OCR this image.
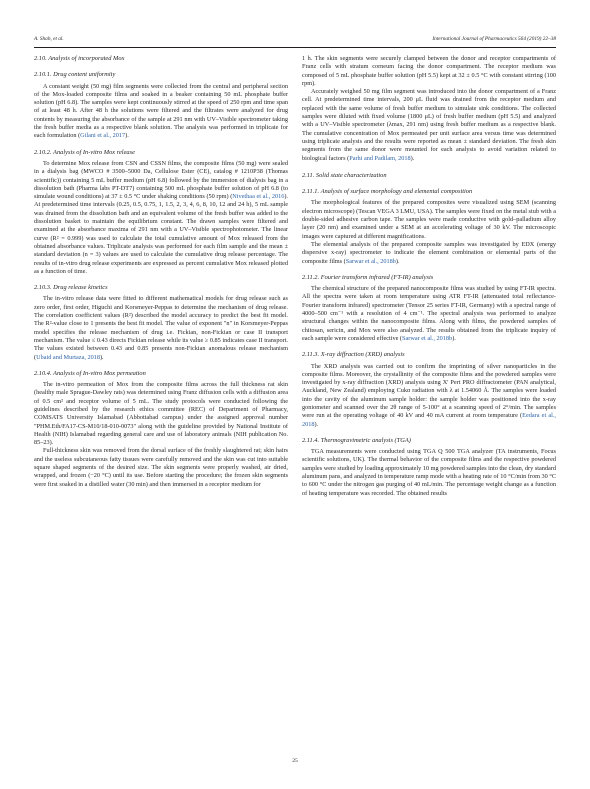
A. Shah, et al.	International Journal of Pharmaceutics 564 (2019) 22–38
2.10. Analysis of incorporated Mox
2.10.1. Drug content uniformity

A constant weight (50 mg) film segments were collected from the central and peripheral section of the Mox-loaded composite films and soaked in a beaker containing 50 mL phosphate buffer solution (pH 6.8). The samples were kept continuously stirred at the speed of 250 rpm and time span of at least 48 h. After 48 h the solutions were filtered and the filtrates were analyzed for drug contents by measuring the absorbance of the sample at 291 nm with UV–Visible spectrometer taking the fresh buffer media as a respective blank solution. The analysis was performed in triplicate for each formulation (Gilani et al., 2017).

2.10.2. Analysis of In-vitro Mox release

To determine Mox release from CSN and CSSN films, the composite films (50 mg) were sealed in a dialysis bag (MWCO # 3500–5000 Da, Cellulose Ester (CE), catalog # 1210P38 (Thomas scientific)) containing 5 mL buffer medium (pH 6.8) followed by the immersion of dialysis bag in a dissolution bath (Pharma labs PT-DT7) containing 500 mL phosphate buffer solution of pH 6.8 (to simulate wound conditions) at 37 ± 0.5 °C under shaking conditions (50 rpm) (Nivethaa et al., 2016). At predetermined time intervals (0.25, 0.5, 0.75, 1, 1.5, 2, 3, 4, 6, 8, 10, 12 and 24 h), 5 mL sample was drained from the dissolution bath and an equivalent volume of the fresh buffer was added to the dissolution basket to maintain the equilibrium constant. The drawn samples were filtered and examined at the absorbance maxima of 291 nm with a UV–Visible spectrophotometer. The linear curve (R² = 0.999) was used to calculate the total cumulative amount of Mox released from the obtained absorbance values. Triplicate analysis was performed for each film sample and the mean ± standard deviation (n = 3) values are used to calculate the cumulative drug release percentage. The results of in-vitro drug release experiments are expressed as percent cumulative Mox released plotted as a function of time.

2.10.3. Drug release kinetics

The in-vitro release data were fitted to different mathematical models for drug release such as zero order, first order, Higuchi and Korsmeyer-Peppas to determine the mechanism of drug release. The correlation coefficient values (R²) described the model accuracy to predict the best fit model. The R²-value close to 1 presents the best fit model. The value of exponent "n" in Korsmeyer-Peppas model specifies the release mechanism of drug i.e. Fickian, non-Fickian or case II transport mechanism. The value ≤ 0.43 directs Fickian release while its value ≥ 0.85 indicates case II transport. The values existed between 0.43 and 0.85 presents non-Fickian anomalous release mechanism (Ubaid and Murtaza, 2018).

2.10.4. Analysis of In-vitro Mox permeation

The in-vitro permeation of Mox from the composite films across the full thickness rat skin (healthy male Sprague-Dawley rats) was determined using Franz diffusion cells with a diffusion area of 0.5 cm² and receptor volume of 5 mL. The study protocols were conducted following the guidelines described by the research ethics committee (REC) of Department of Pharmacy, COMSATS University Islamabad (Abbottabad campus) under the assigned approval number "PHM.Eth/FA17-CS-M10/18-010-0073" along with the guideline provided by National Institute of Health (NIH) Islamabad regarding general care and use of laboratory animals (NIH publication No. 85–23).

Full-thickness skin was removed from the dorsal surface of the freshly slaughtered rat; skin hairs and the useless subcutaneous fatty tissues were carefully removed and the skin was cut into suitable square shaped segments of the desired size. The skin segments were properly washed, air dried, wrapped, and frozen (−20 °C) until its use. Before starting the procedure; the frozen skin segments were first soaked in a distilled water (30 min) and then immersed in a receptor medium for

1 h. The skin segments were securely clamped between the donor and receptor compartments of Franz cells with stratum corneum facing the donor compartment. The receptor medium was composed of 5 mL phosphate buffer solution (pH 5.5) kept at 32 ± 0.5 °C with constant stirring (100 rpm).

Accurately weighed 50 mg film segment was introduced into the donor compartment of a Franz cell. At predetermined time intervals, 200 μL fluid was drained from the receptor medium and replaced with the same volume of fresh buffer medium to simulate sink conditions. The collected samples were diluted with fixed volume (1800 μL) of fresh buffer medium (pH 5.5) and analyzed with a UV–Visible spectrometer (λmax, 291 nm) using fresh buffer medium as a respective blank. The cumulative concentration of Mox permeated per unit surface area versus time was determined using triplicate analysis and the results were reported as mean ± standard deviation. The fresh skin segments from the same donor were mounted for each analysis to avoid variation related to biological factors (Parhi and Padilam, 2018).

2.11. Solid state characterization
2.11.1. Analysis of surface morphology and elemental composition

The morphological features of the prepared composites were visualized using SEM (scanning electron microscope) (Tescan VEGA 3 LMU, USA). The samples were fixed on the metal stub with a double-sided adhesive carbon tape. The samples were made conductive with gold–palladium alloy layer (20 nm) and examined under a SEM at an accelerating voltage of 30 kV. The microscopic images were captured at different magnifications.

The elemental analysis of the prepared composite samples was investigated by EDX (energy dispersive x-ray) spectrometer to indicate the element combination or elemental parts of the composite films (Sarwar et al., 2018b).

2.11.2. Fourier transform infrared (FT-IR) analysis

The chemical structure of the prepared nanocomposite films was studied by using FT-IR spectra. All the spectra were taken at room temperature using ATR FT-IR (attenuated total reflectance- Fourier transform infrared) spectrometer (Tensor 25 series FT-IR, Germany) with a spectral range of 4000–500 cm⁻¹ with a resolution of 4 cm⁻¹. The spectral analysis was performed to analyze structural changes within the nanocomposite films. Along with films, the powdered samples of chitosan, sericin, and Mox were also analyzed. The results obtained from the triplicate inquiry of each sample were considered effective (Sarwar et al., 2018b).

2.11.3. X-ray diffraction (XRD) analysis

The XRD analysis was carried out to confirm the imprinting of silver nanoparticles in the composite films. Moreover, the crystallinity of the composite films and the powdered samples were investigated by x-ray diffraction (XRD) analysis using X' Pert PRO diffractometer (PAN analytical, Auckland, New Zealand) employing Cukα radiation with λ at 1.54060 Å. The samples were loaded into the cavity of the aluminum sample holder: the sample holder was positioned into the x-ray goniometer and scanned over the 2θ range of 5-100° at a scanning speed of 2°/min. The samples were run at the operating voltage of 40 kV and 40 mA current at room temperature (Eedara et al., 2018).

2.11.4. Thermogravimetric analysis (TGA)

TGA measurements were conducted using TGA Q 500 TGA analyzer (TA instruments, Focus scientific solutions, UK). The thermal behavior of the composite films and the respective powdered samples were studied by loading approximately 10 mg powdered samples into the clean, dry standard aluminum pans, and analyzed in temperature ramp mode with a heating rate of 10 °C/min from 30 °C to 600 °C under the nitrogen gas purging of 40 mL/min. The percentage weight change as a function of heating temperature was recorded. The obtained results

25
